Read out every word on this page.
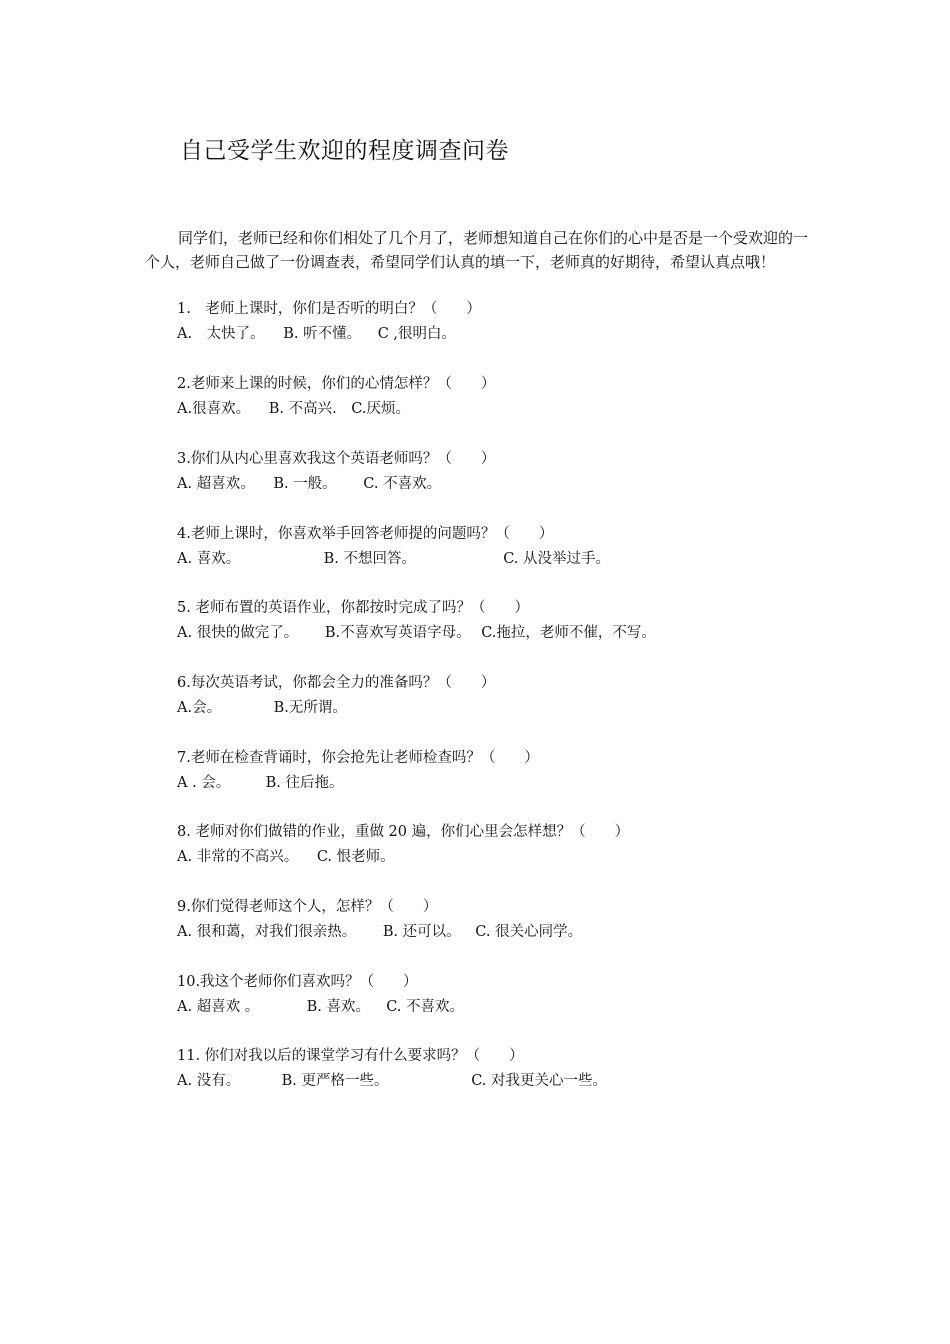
自己受学生欢迎的程度调查问卷

同学们，老师已经和你们相处了几个月了，老师想知道自己在你们的心中是否是一个受欢迎的一个人，老师自己做了一份调查表，希望同学们认真的填一下，老师真的好期待，希望认真点哦！

1.　老师上课时，你们是否听的明白？（　　）
A.　太快了。 B. 听不懂。 C ,很明白。
2.老师来上课的时候，你们的心情怎样？（　　）
A.很喜欢。 B. 不高兴. C.厌烦。
3.你们从内心里喜欢我这个英语老师吗？（　　）
A. 超喜欢。 B. 一般。 C. 不喜欢。
4.老师上课时，你喜欢举手回答老师提的问题吗？（　　）
A. 喜欢。	B. 不想回答。	C. 从没举过手。
5. 老师布置的英语作业，你都按时完成了吗？（　　）
A. 很快的做完了。 B.不喜欢写英语字母。 C.拖拉，老师不催，不写。
6.每次英语考试，你都会全力的准备吗？（　　）
A.会。	B.无所谓。
7.老师在检查背诵时，你会抢先让老师检查吗？（　　）
A . 会。 B. 往后拖。
8. 老师对你们做错的作业，重做 20 遍，你们心里会怎样想？（　　）
A. 非常的不高兴。 C. 恨老师。
9.你们觉得老师这个人，怎样？（　　）
A. 很和蔼，对我们很亲热。 B. 还可以。 C. 很关心同学。
10.我这个老师你们喜欢吗？（　　）
A. 超喜欢 。	B. 喜欢。 C. 不喜欢。
11. 你们对我以后的课堂学习有什么要求吗？（　　）
A. 没有。	B. 更严格一些。	C. 对我更关心一些。
